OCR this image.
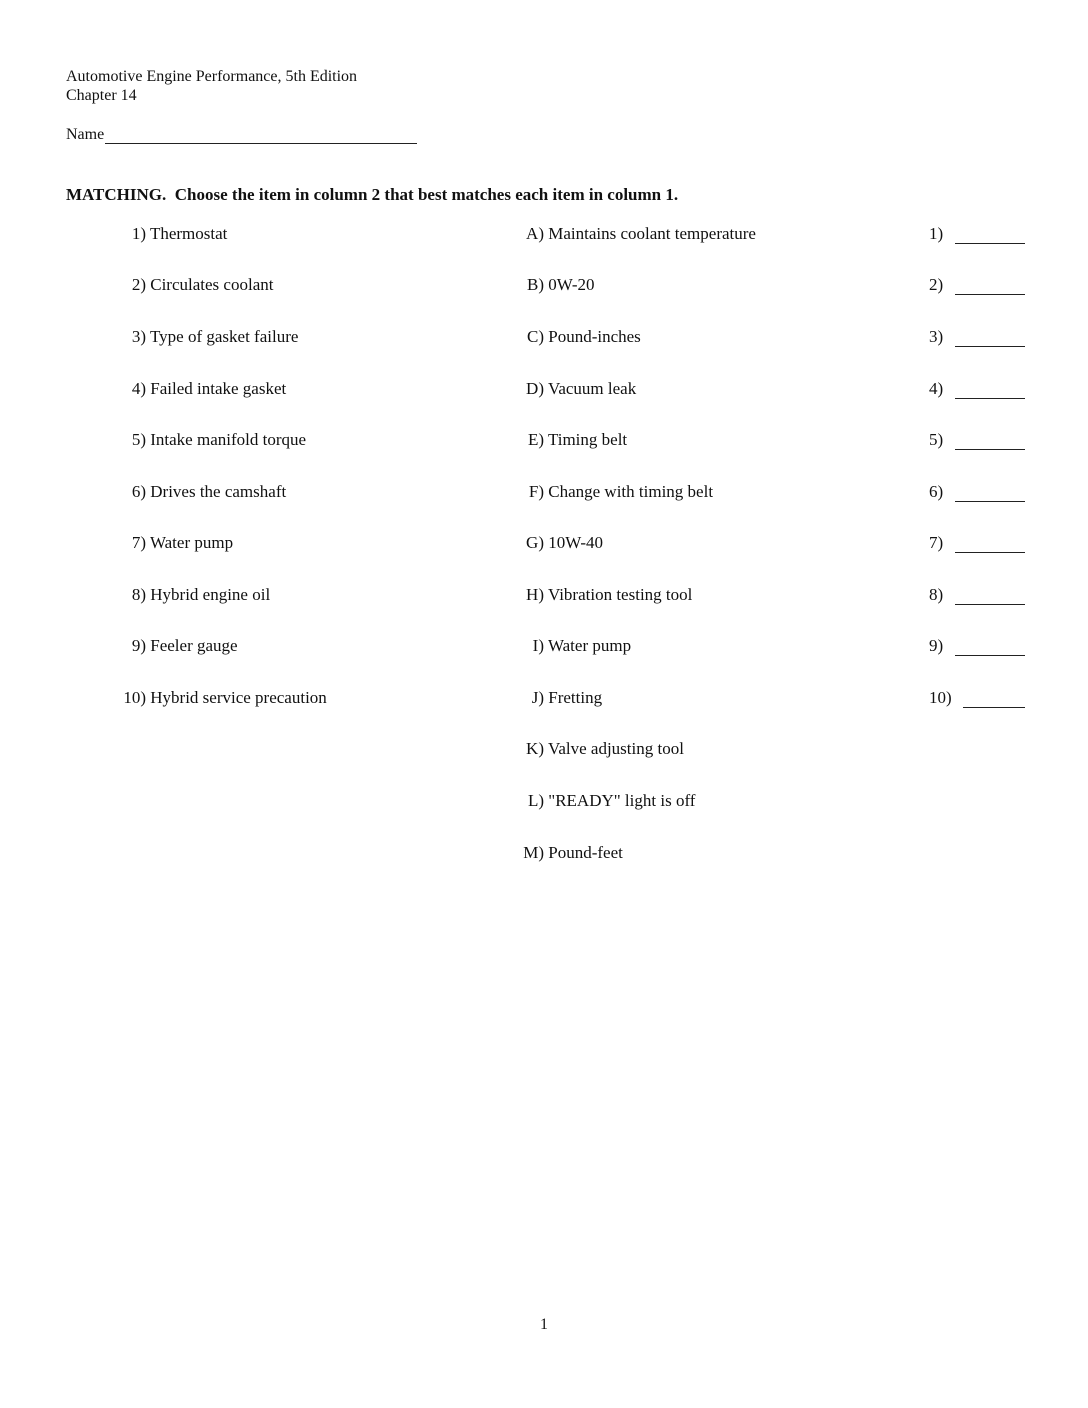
Automotive Engine Performance, 5th Edition
Chapter 14
Name
MATCHING.  Choose the item in column 2 that best matches each item in column 1.
1) Thermostat
2) Circulates coolant
3) Type of gasket failure
4) Failed intake gasket
5) Intake manifold torque
6) Drives the camshaft
7) Water pump
8) Hybrid engine oil
9) Feeler gauge
10) Hybrid service precaution
A) Maintains coolant temperature
B) 0W-20
C) Pound-inches
D) Vacuum leak
E) Timing belt
F) Change with timing belt
G) 10W-40
H) Vibration testing tool
I) Water pump
J) Fretting
K) Valve adjusting tool
L) "READY" light is off
M) Pound-feet
1)
2)
3)
4)
5)
6)
7)
8)
9)
10)
1
